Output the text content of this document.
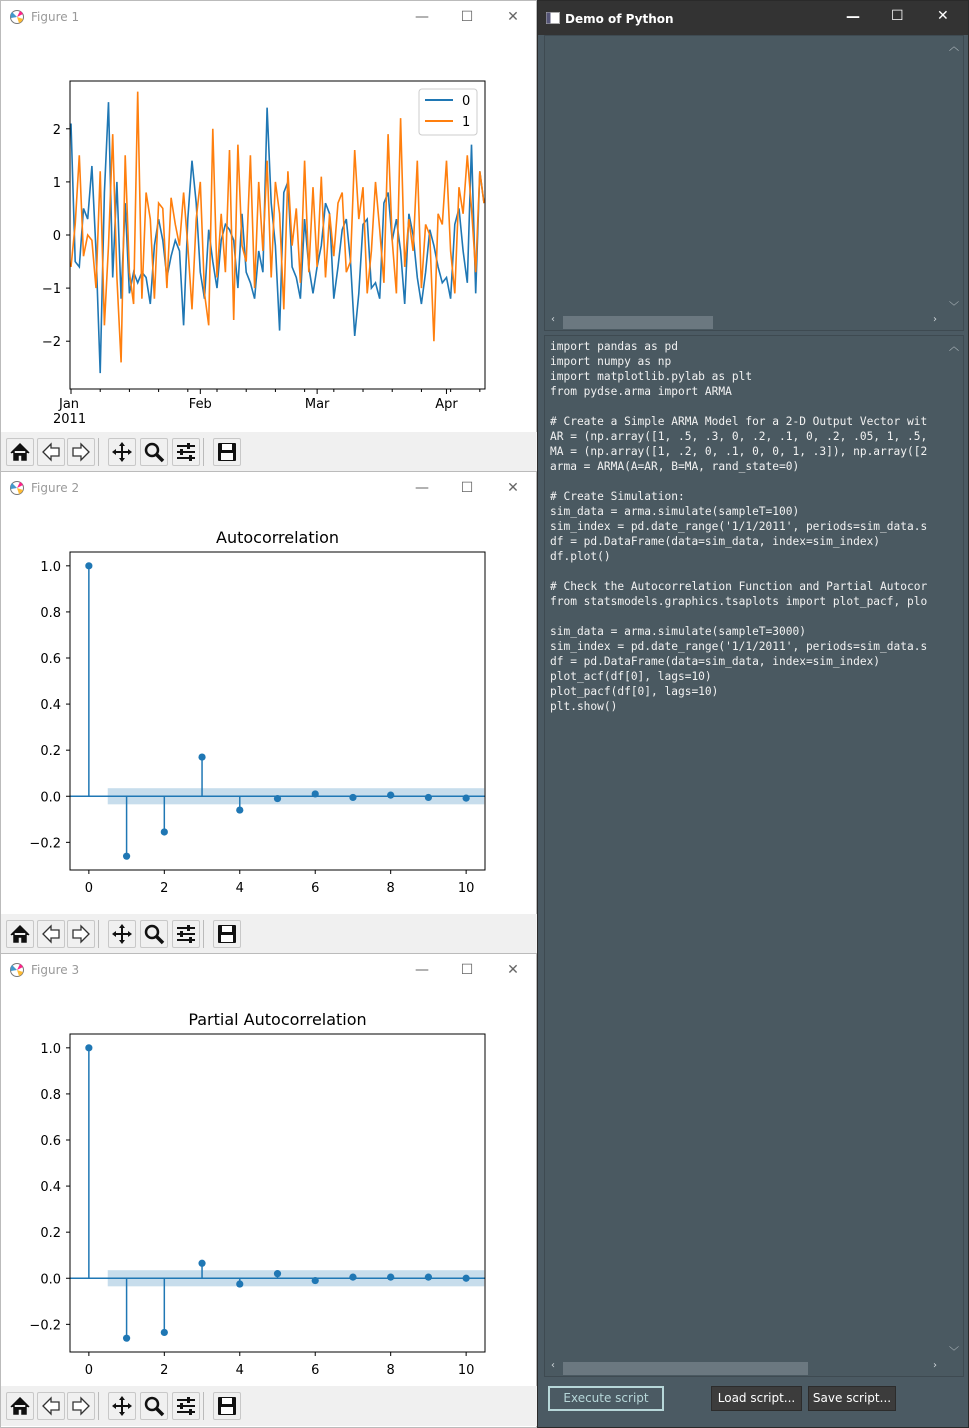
Figure 1	—	☐	✕
−2
−1
0
1
2
Jan
2011
Feb	Mar	Apr
0
1
Figure 2	—	☐	✕
Autocorrelation
−0.2
0.0
0.2
0.4
0.6
0.8
1.0
0	2	4	6	8	10
Figure 3	—	☐	✕
Partial Autocorrelation
−0.2
0.0
0.2
0.4
0.6
0.8
1.0
0	2	4	6	8	10
Demo of Python	— ☐ ✕
︿
﹀
‹	›
import pandas as pd
import numpy as np
import matplotlib.pylab as plt
from pydse.arma import ARMA

# Create a Simple ARMA Model for a 2-D Output Vector wit
AR = (np.array([1, .5, .3, 0, .2, .1, 0, .2, .05, 1, .5,
MA = (np.array([1, .2, 0, .1, 0, 0, 1, .3]), np.array([2
arma = ARMA(A=AR, B=MA, rand_state=0)

# Create Simulation:
sim_data = arma.simulate(sampleT=100)
sim_index = pd.date_range('1/1/2011', periods=sim_data.s
df = pd.DataFrame(data=sim_data, index=sim_index)
df.plot()

# Check the Autocorrelation Function and Partial Autocor
from statsmodels.graphics.tsaplots import plot_pacf, plo

sim_data = arma.simulate(sampleT=3000)
sim_index = pd.date_range('1/1/2011', periods=sim_data.s
df = pd.DataFrame(data=sim_data, index=sim_index)
plot_acf(df[0], lags=10)
plot_pacf(df[0], lags=10)
plt.show()
︿
﹀
‹	›
Execute script	Load script...	Save script...
